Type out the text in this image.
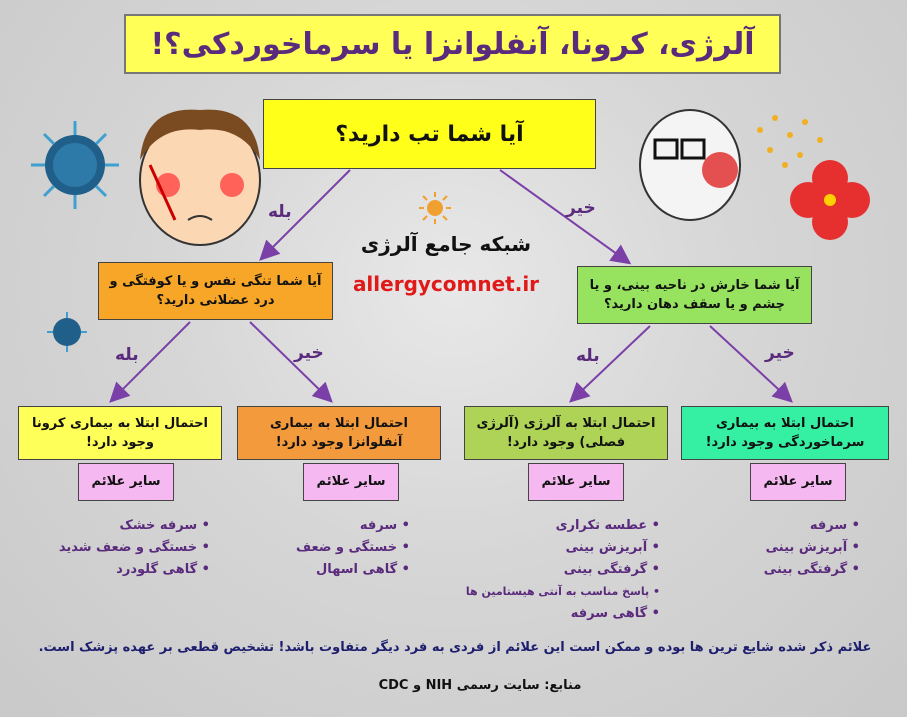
آلرژی، کرونا، آنفلوانزا یا سرماخوردکی؟!
آیا شما تب دارید؟
بله	خیر
شبکه جامع آلرژی
allergycomnet.ir
آیا شما تنگی نفس و یا کوفتگی و درد عضلانی دارید؟
آیا شما خارش در ناحیه بینی، و یا چشم و یا سقف دهان دارید؟
بله	خیر	بله	خیر
احتمال ابتلا به بیماری کرونا وجود دارد!
احتمال ابتلا به بیماری آنفلوانزا وجود دارد!
احتمال ابتلا به آلرژی (آلرژی فصلی) وجود دارد!
احتمال ابتلا به بیماری سرماخوردگی وجود دارد!
سایر علائم	سایر علائم	سایر علائم	سایر علائم
• سرفه خشک
• خستگی و ضعف شدید
• گاهی گلودرد
• سرفه
• خستگی و ضعف
• گاهی اسهال
• عطسه تکراری
• آبریزش بینی
• گرفتگی بینی
• پاسخ مناسب به آنتی هیستامین ها
• گاهی سرفه
• سرفه
• آبریزش بینی
• گرفتگی بینی
علائم ذکر شده شایع ترین ها بوده و ممکن است این علائم از فردی به فرد دیگر متفاوت باشد! تشخیص قطعی بر عهده پزشک است.
منابع: سایت رسمی NIH و CDC
